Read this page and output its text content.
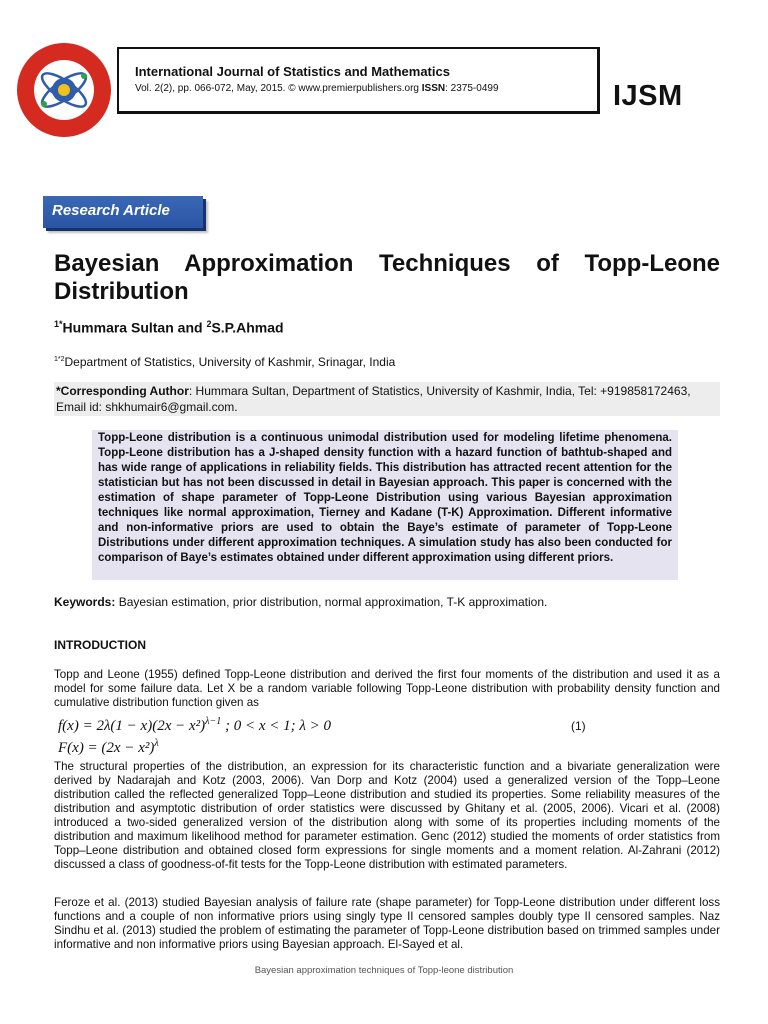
International Journal of Statistics and Mathematics
Vol. 2(2), pp. 066-072, May, 2015. © www.premierpublishers.org ISSN: 2375-0499	IJSM
Research Article
Bayesian Approximation Techniques of Topp-Leone Distribution
$^{1*}$Hummara Sultan and $^2$S.P.Ahmad
$^{1*2}$Department of Statistics, University of Kashmir, Srinagar, India
*Corresponding Author: Hummara Sultan, Department of Statistics, University of Kashmir, India, Tel: +919858172463, Email id: shkhumair6@gmail.com.
Topp-Leone distribution is a continuous unimodal distribution used for modeling lifetime phenomena. Topp-Leone distribution has a J-shaped density function with a hazard function of bathtub-shaped and has wide range of applications in reliability fields. This distribution has attracted recent attention for the statistician but has not been discussed in detail in Bayesian approach. This paper is concerned with the estimation of shape parameter of Topp-Leone Distribution using various Bayesian approximation techniques like normal approximation, Tierney and Kadane (T-K) Approximation. Different informative and non-informative priors are used to obtain the Baye’s estimate of parameter of Topp-Leone Distributions under different approximation techniques. A simulation study has also been conducted for comparison of Baye’s estimates obtained under different approximation using different priors.
Keywords: Bayesian estimation, prior distribution, normal approximation, T-K approximation.
INTRODUCTION
Topp and Leone (1955) defined Topp-Leone distribution and derived the first four moments of the distribution and used it as a model for some failure data. Let X be a random variable following Topp-Leone distribution with probability density function and cumulative distribution function given as
$f(x) = 2\lambda(1 - x)(2x - x^2)^{\lambda-1}$ ; 0 < x < 1; λ > 0	(1)
$F(x) = (2x - x^2)^\lambda$
The structural properties of the distribution, an expression for its characteristic function and a bivariate generalization were derived by Nadarajah and Kotz (2003, 2006). Van Dorp and Kotz (2004) used a generalized version of the Topp–Leone distribution called the reflected generalized Topp–Leone distribution and studied its properties. Some reliability measures of the distribution and asymptotic distribution of order statistics were discussed by Ghitany et al. (2005, 2006). Vicari et al. (2008) introduced a two-sided generalized version of the distribution along with some of its properties including moments of the distribution and maximum likelihood method for parameter estimation. Genc (2012) studied the moments of order statistics from Topp–Leone distribution and obtained closed form expressions for single moments and a moment relation. Al-Zahrani (2012) discussed a class of goodness-of-fit tests for the Topp-Leone distribution with estimated parameters.
Feroze et al. (2013) studied Bayesian analysis of failure rate (shape parameter) for Topp-Leone distribution under different loss functions and a couple of non informative priors using singly type II censored samples doubly type II censored samples. Naz Sindhu et al. (2013) studied the problem of estimating the parameter of Topp-Leone distribution based on trimmed samples under informative and non informative priors using Bayesian approach. El-Sayed et al.
Bayesian approximation techniques of Topp-leone distribution
